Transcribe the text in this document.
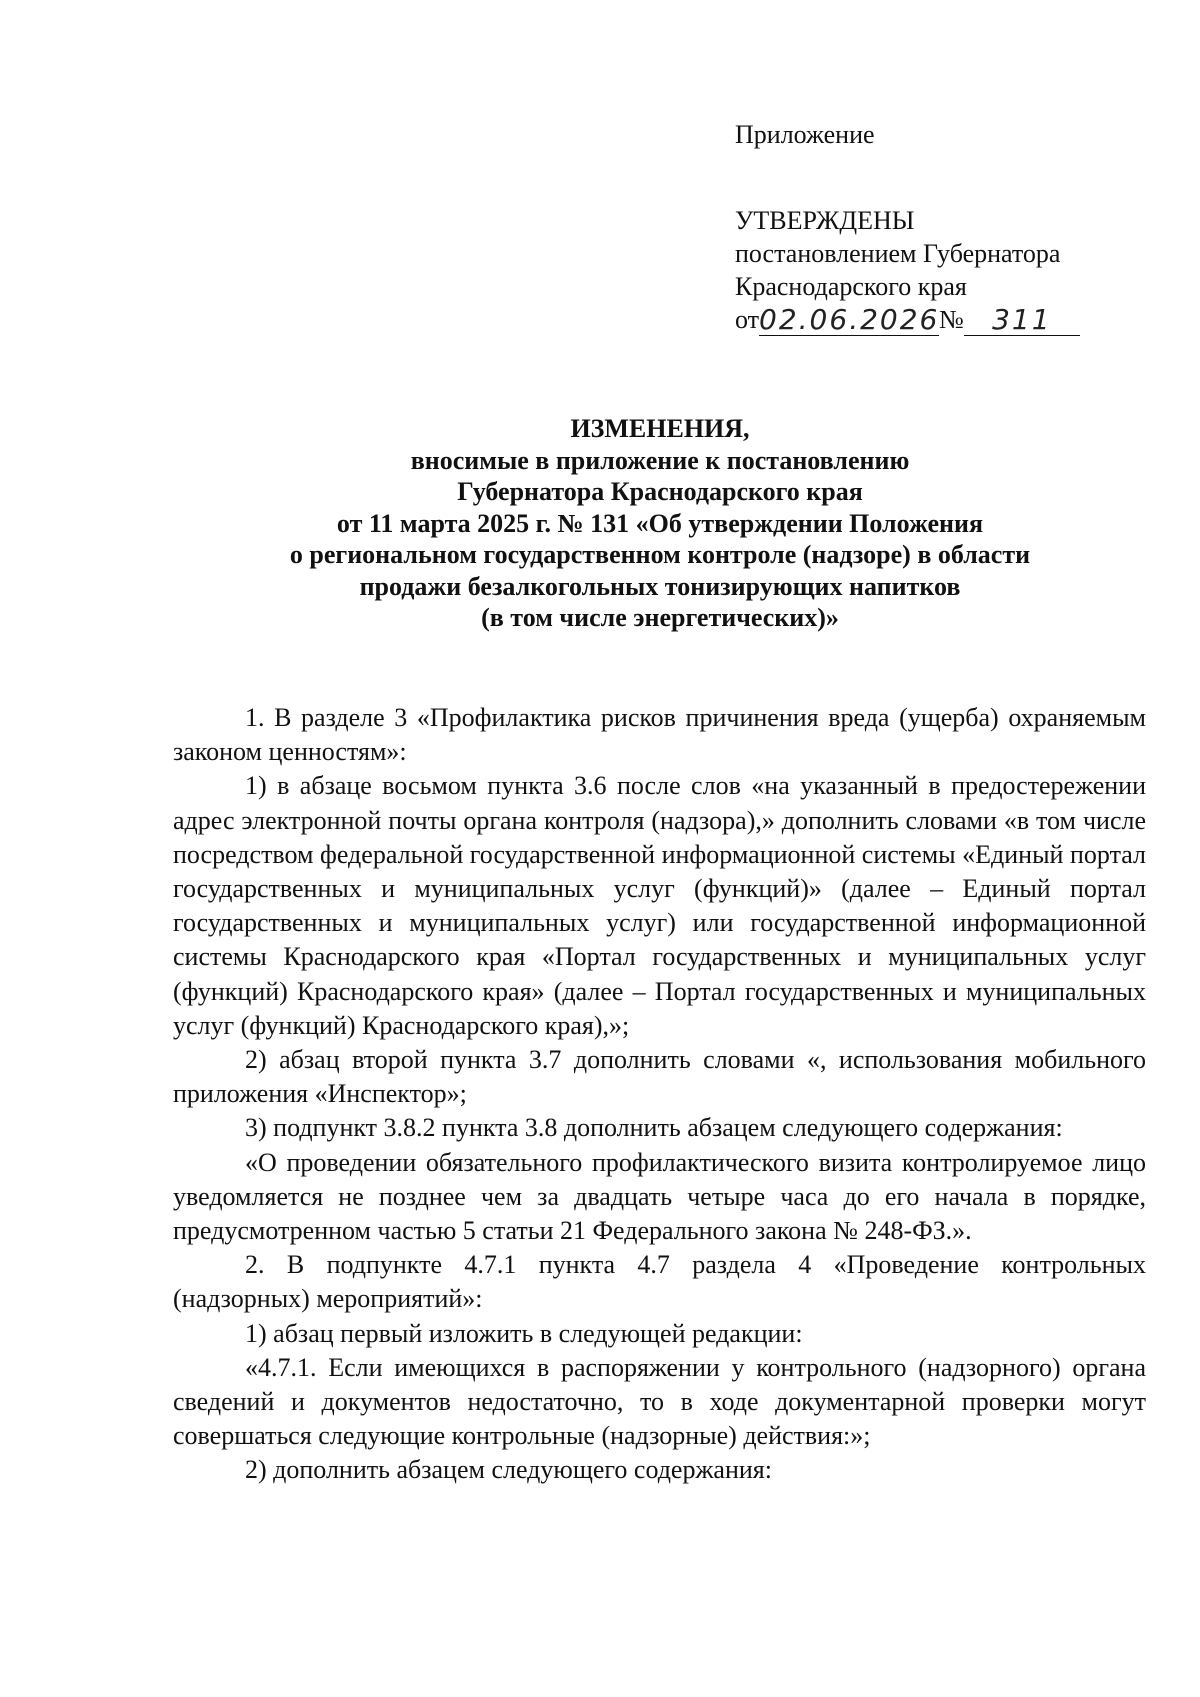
Приложение
УТВЕРЖДЕНЫ
постановлением Губернатора
Краснодарского края
от 02.06.2026 №	311
ИЗМЕНЕНИЯ,
вносимые в приложение к постановлению
Губернатора Краснодарского края
от 11 марта 2025 г. № 131 «Об утверждении Положения
о региональном государственном контроле (надзоре) в области
продажи безалкогольных тонизирующих напитков
(в том числе энергетических)»

1. В разделе 3 «Профилактика рисков причинения вреда (ущерба) охраняемым законом ценностям»:

1) в абзаце восьмом пункта 3.6 после слов «на указанный в предостережении адрес электронной почты органа контроля (надзора),» дополнить словами «в том числе посредством федеральной государственной информационной системы «Единый портал государственных и муниципальных услуг (функций)» (далее – Единый портал государственных и муниципальных услуг) или государственной информационной системы Краснодарского края «Портал государственных и муниципальных услуг (функций) Краснодарского края» (далее – Портал государственных и муниципальных услуг (функций) Краснодарского края),»;

2) абзац второй пункта 3.7 дополнить словами «, использования мобильного приложения «Инспектор»;

3) подпункт 3.8.2 пункта 3.8 дополнить абзацем следующего содержания:

«О проведении обязательного профилактического визита контролируемое лицо уведомляется не позднее чем за двадцать четыре часа до его начала в порядке, предусмотренном частью 5 статьи 21 Федерального закона № 248-ФЗ.».

2. В подпункте 4.7.1 пункта 4.7 раздела 4 «Проведение контрольных (надзорных) мероприятий»:

1) абзац первый изложить в следующей редакции:

«4.7.1. Если имеющихся в распоряжении у контрольного (надзорного) органа сведений и документов недостаточно, то в ходе документарной проверки могут совершаться следующие контрольные (надзорные) действия:»;

2) дополнить абзацем следующего содержания:
